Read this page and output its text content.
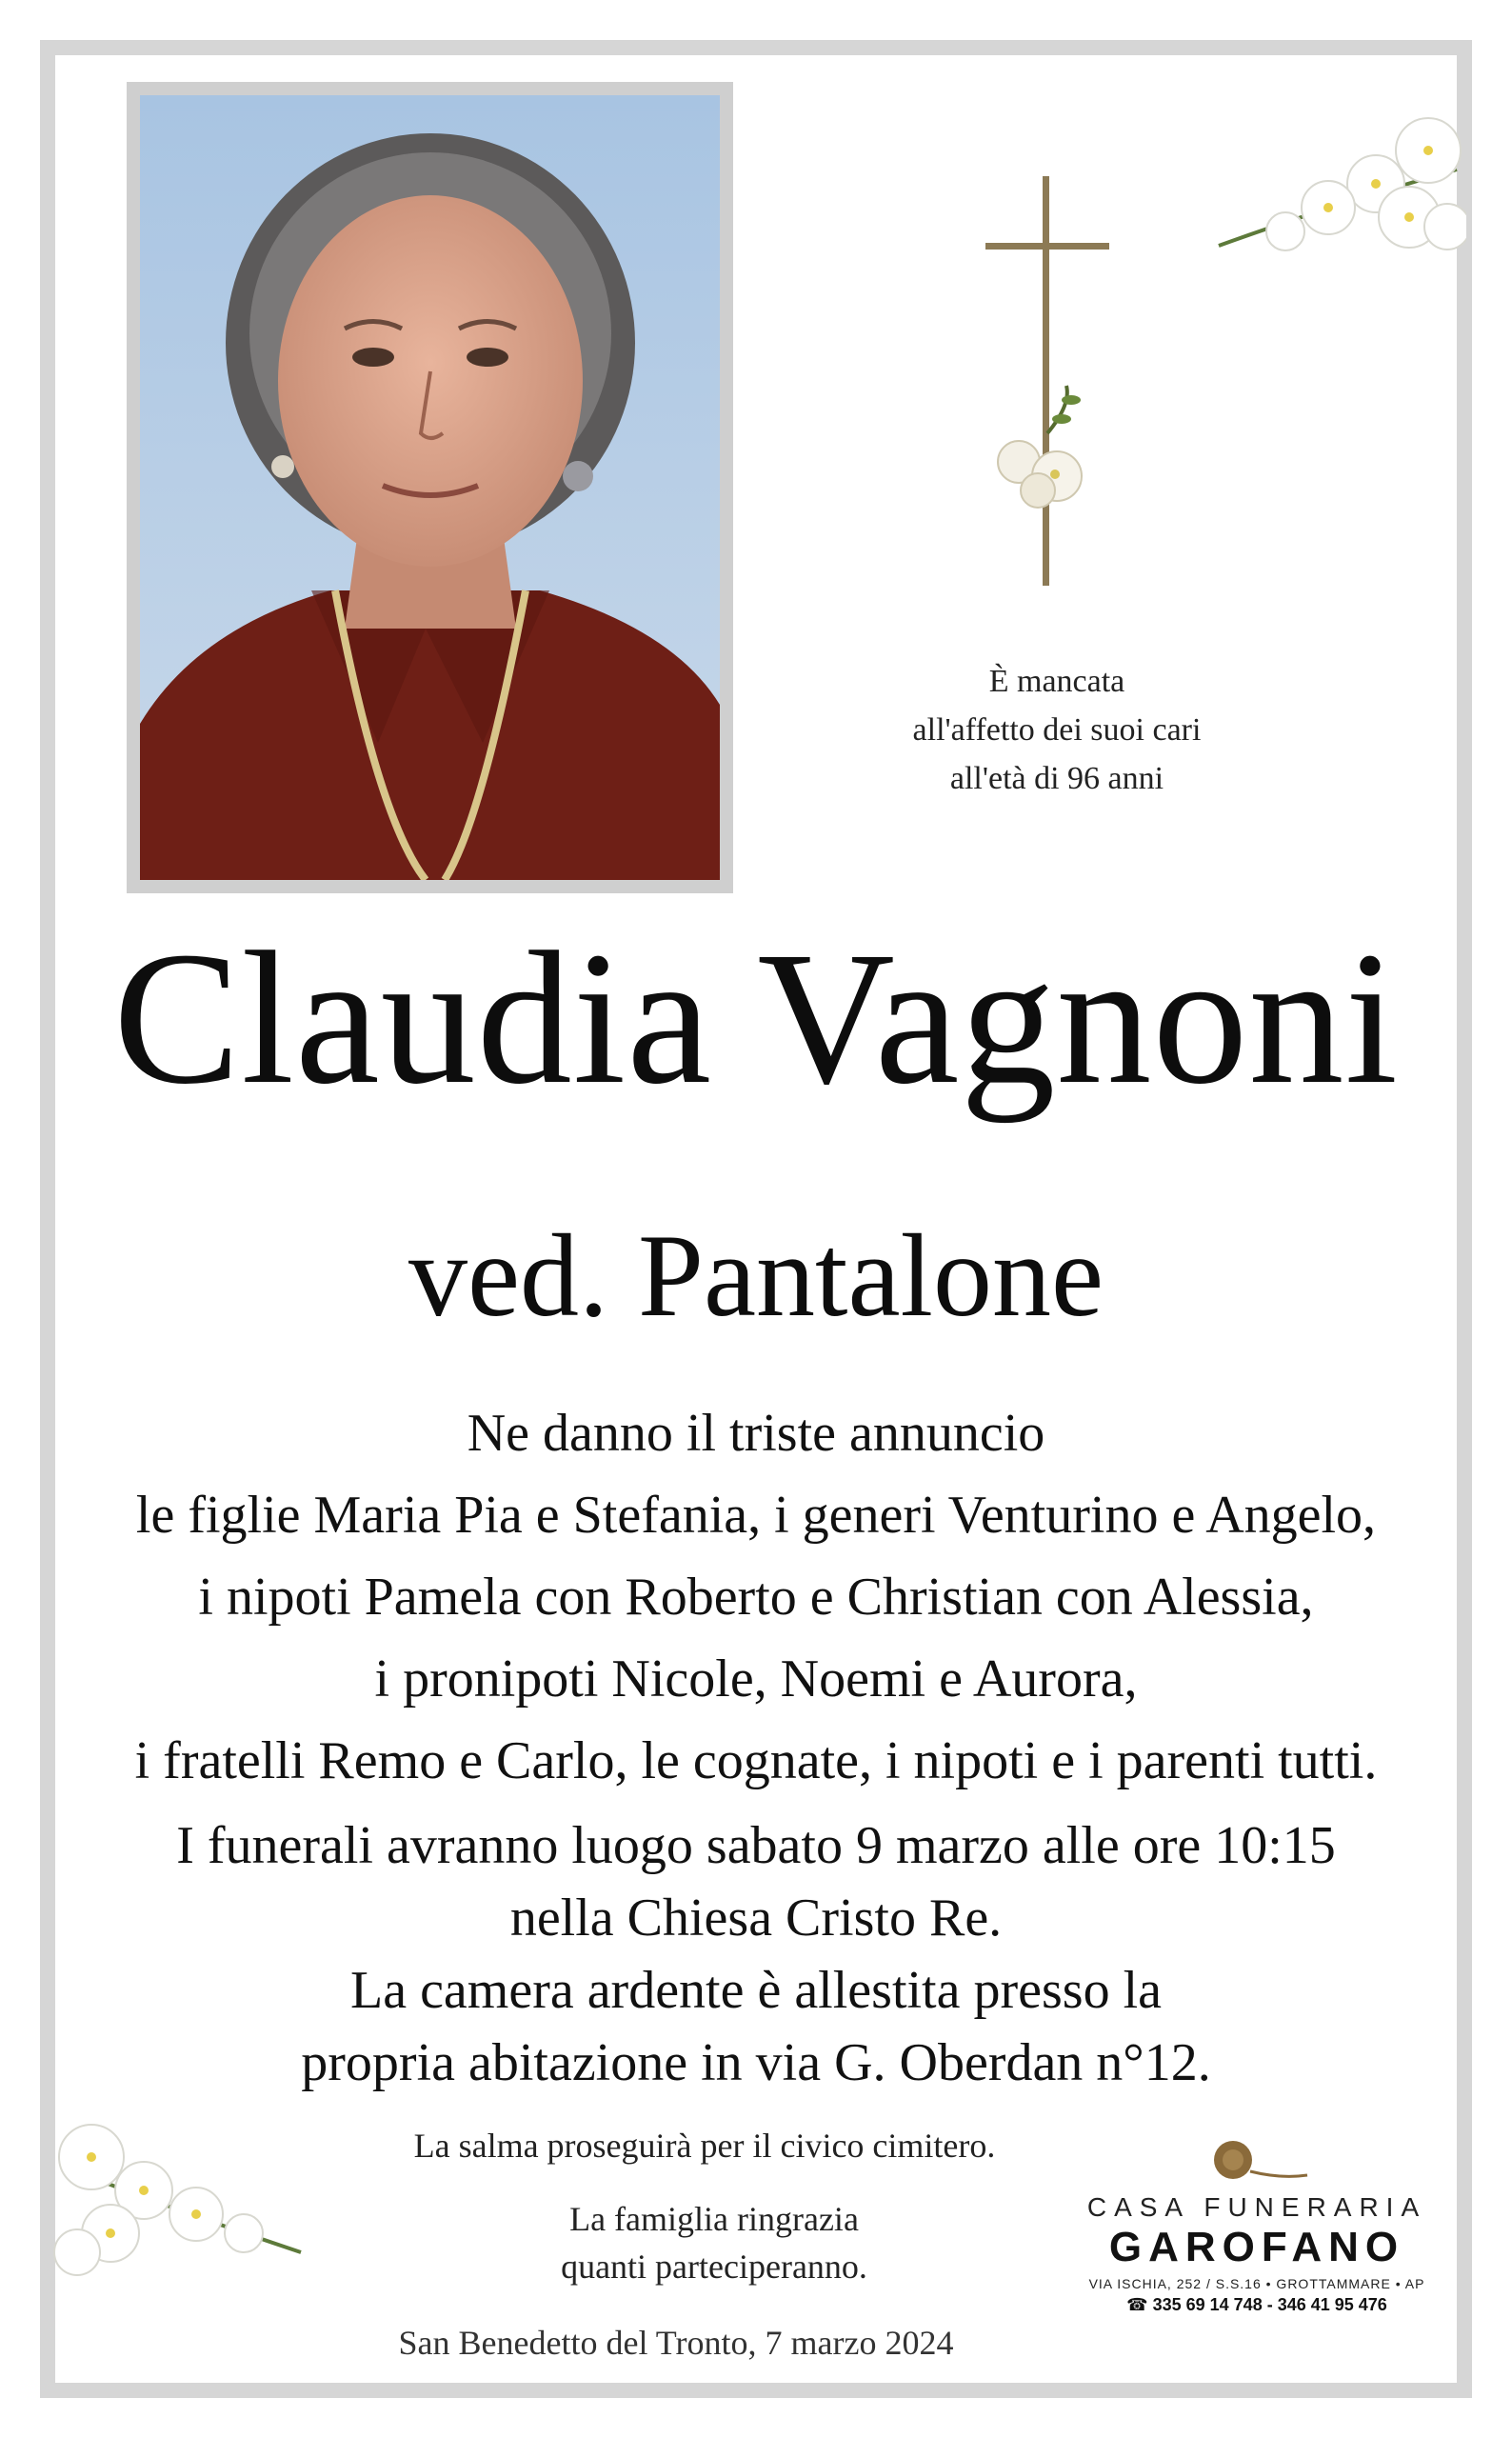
È mancata
all'affetto dei suoi cari
all'età di 96 anni
Claudia Vagnoni
ved. Pantalone
Ne danno il triste annuncio
le figlie Maria Pia e Stefania, i generi Venturino e Angelo,
i nipoti Pamela con Roberto e Christian con Alessia,
i pronipoti Nicole, Noemi e Aurora,
i fratelli Remo e Carlo, le cognate, i nipoti e i parenti tutti.
I funerali avranno luogo sabato 9 marzo alle ore 10:15
nella Chiesa Cristo Re.
La camera ardente è allestita presso la
propria abitazione in via G. Oberdan n°12.
La salma proseguirà per il civico cimitero.
La famiglia ringrazia
quanti parteciperanno.
CASA FUNERARIA
GAROFANO
VIA ISCHIA, 252 / S.S.16 • GROTTAMMARE • AP
☎ 335 69 14 748 - 346 41 95 476
San Benedetto del Tronto, 7 marzo 2024
